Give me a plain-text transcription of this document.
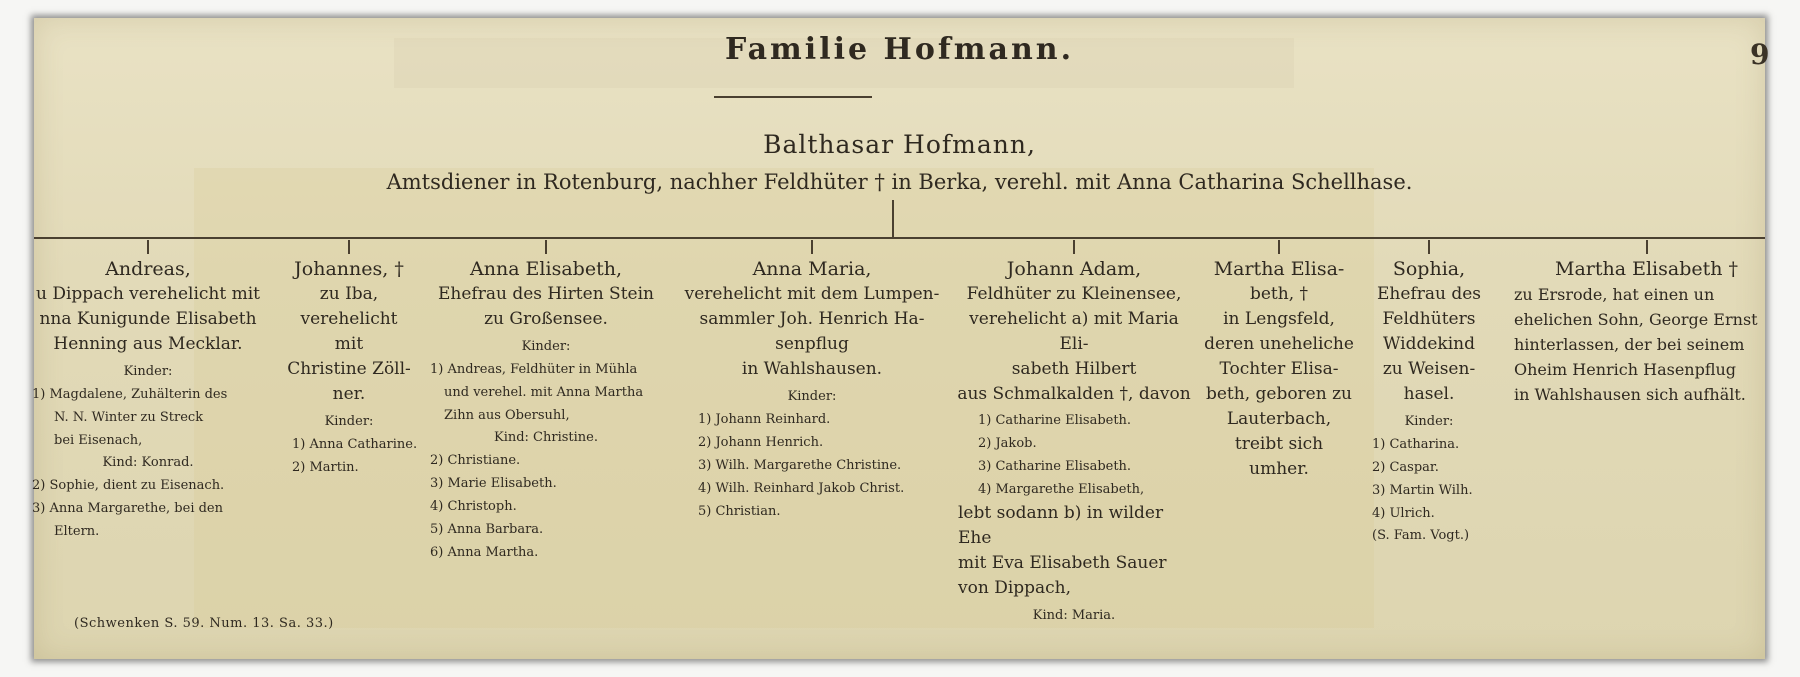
Familie Hofmann.	9
Balthasar Hofmann,
Amtsdiener in Rotenburg, nachher Feldhüter † in Berka, verehl. mit Anna Catharina Schellhase.
Andreas,
u Dippach verehelicht mit
nna Kunigunde Elisabeth
Henning aus Mecklar.
Kinder:
1) Magdalene, Zuhälterin des
N. N. Winter zu Streck
bei Eisenach,
Kind: Konrad.
2) Sophie, dient zu Eisenach.
3) Anna Margarethe, bei den
Eltern.
Johannes, †
zu Iba,
verehelicht mit
Christine Zöll-
ner.
Kinder:
1) Anna Catharine.
2) Martin.
Anna Elisabeth,
Ehefrau des Hirten Stein
zu Großensee.
Kinder:
1) Andreas, Feldhüter in Mühla
und verehel. mit Anna Martha
Zihn aus Obersuhl,
Kind: Christine.
2) Christiane.
3) Marie Elisabeth.
4) Christoph.
5) Anna Barbara.
6) Anna Martha.
Anna Maria,
verehelicht mit dem Lumpen-
sammler Joh. Henrich Ha-
senpflug
in Wahlshausen.
Kinder:
1) Johann Reinhard.
2) Johann Henrich.
3) Wilh. Margarethe Christine.
4) Wilh. Reinhard Jakob Christ.
5) Christian.
Johann Adam,
Feldhüter zu Kleinensee,
verehelicht a) mit Maria Eli-
sabeth Hilbert
aus Schmalkalden †, davon
1) Catharine Elisabeth.
2) Jakob.
3) Catharine Elisabeth.
4) Margarethe Elisabeth,
lebt sodann b) in wilder Ehe
mit Eva Elisabeth Sauer
von Dippach,
Kind: Maria.
Martha Elisa-
beth, †
in Lengsfeld,
deren uneheliche
Tochter Elisa-
beth, geboren zu
Lauterbach,
treibt sich umher.
Sophia,
Ehefrau des
Feldhüters
Widdekind
zu Weisen-
hasel.
Kinder:
1) Catharina.
2) Caspar.
3) Martin Wilh.
4) Ulrich.
(S. Fam. Vogt.)
Martha Elisabeth †
zu Ersrode, hat einen un
ehelichen Sohn, George Ernst
hinterlassen, der bei seinem
Oheim Henrich Hasenpflug
in Wahlshausen sich aufhält.
(Schwenken S. 59. Num. 13. Sa. 33.)
